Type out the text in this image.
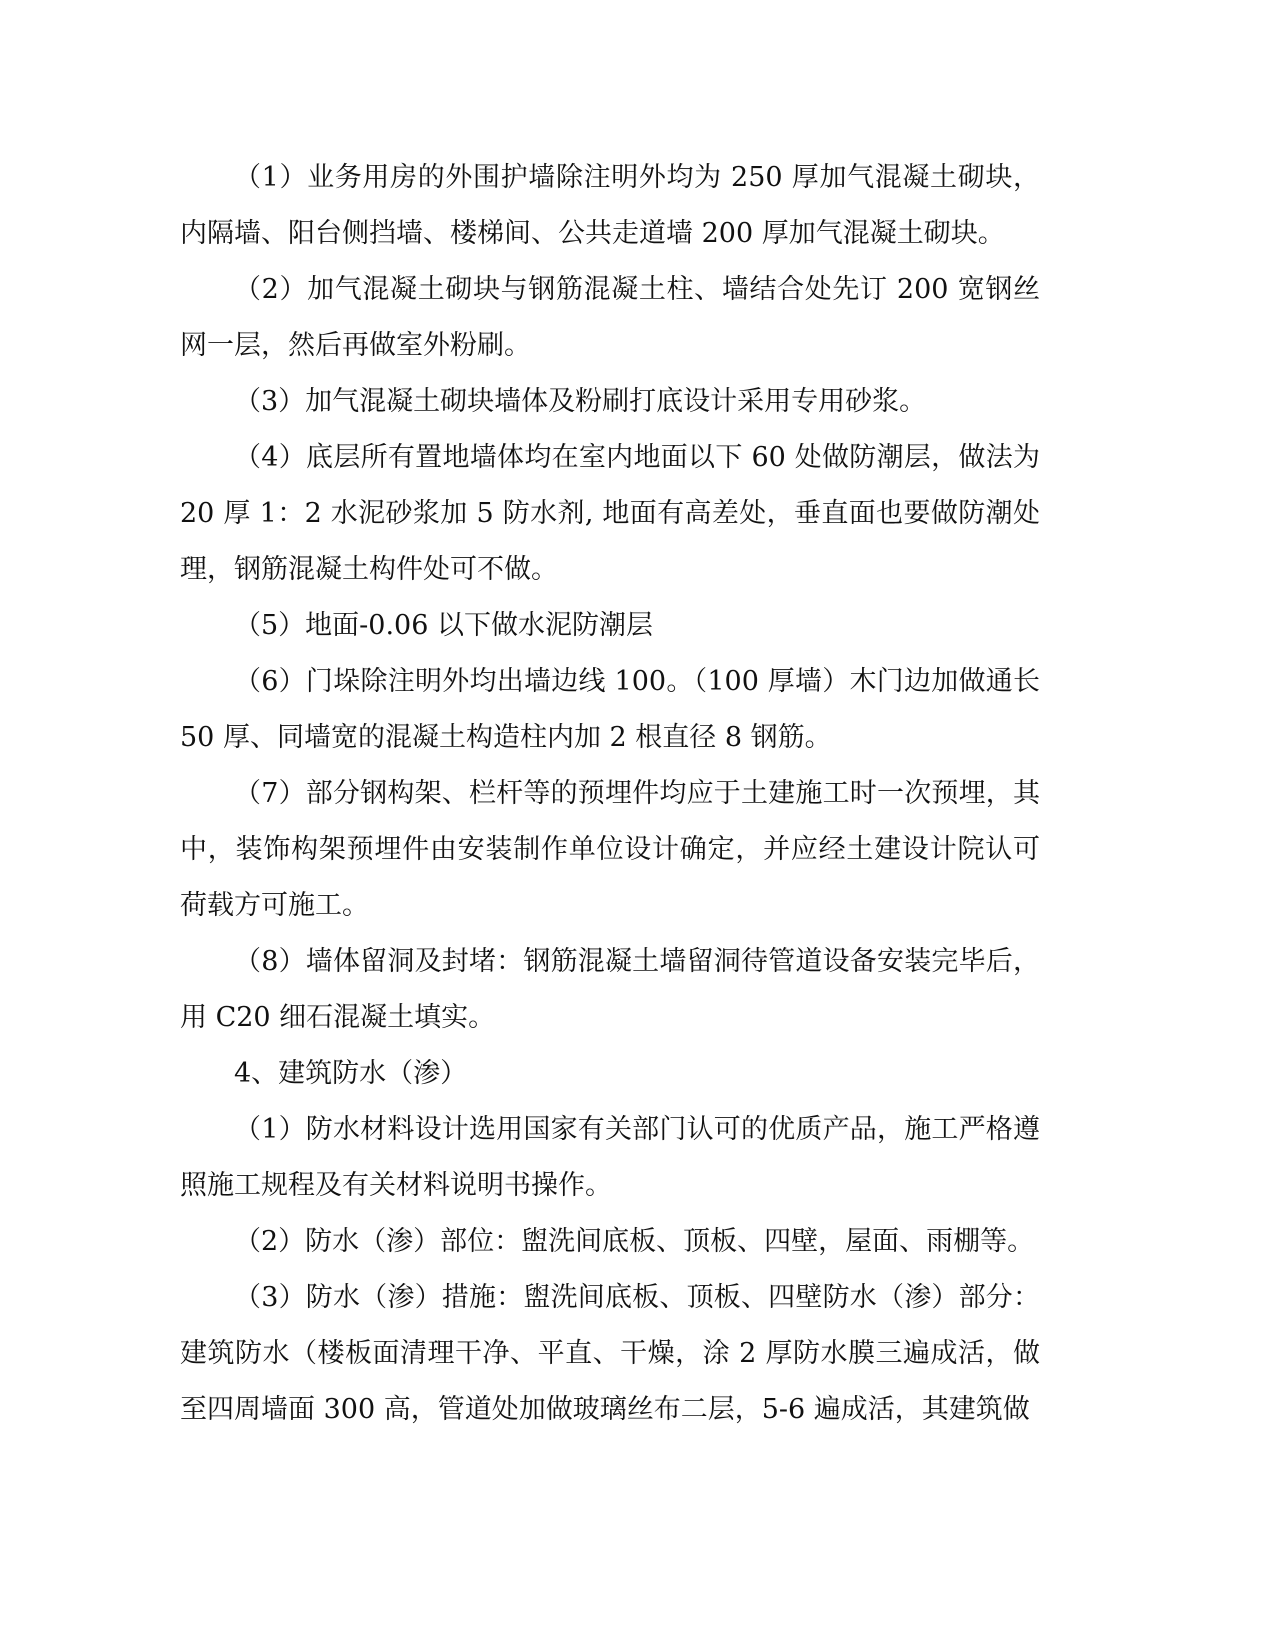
（1）业务用房的外围护墙除注明外均为 250 厚加气混凝土砌块，内隔墙、阳台侧挡墙、楼梯间、公共走道墙 200 厚加气混凝土砌块。

（2）加气混凝土砌块与钢筋混凝土柱、墙结合处先订 200 宽钢丝网一层，然后再做室外粉刷。

（3）加气混凝土砌块墙体及粉刷打底设计采用专用砂浆。

（4）底层所有置地墙体均在室内地面以下 60 处做防潮层，做法为 20 厚 1：2 水泥砂浆加 5 防水剂, 地面有高差处，垂直面也要做防潮处理，钢筋混凝土构件处可不做。

（5）地面-0.06 以下做水泥防潮层

（6）门垛除注明外均出墙边线 100。（100 厚墙）木门边加做通长 50 厚、同墙宽的混凝土构造柱内加 2 根直径 8 钢筋。

（7）部分钢构架、栏杆等的预埋件均应于土建施工时一次预埋，其中，装饰构架预埋件由安装制作单位设计确定，并应经土建设计院认可荷载方可施工。

（8）墙体留洞及封堵：钢筋混凝土墙留洞待管道设备安装完毕后，用 C20 细石混凝土填实。

4、建筑防水（渗）

（1）防水材料设计选用国家有关部门认可的优质产品，施工严格遵照施工规程及有关材料说明书操作。

（2）防水（渗）部位：盥洗间底板、顶板、四壁，屋面、雨棚等。

（3）防水（渗）措施：盥洗间底板、顶板、四壁防水（渗）部分：建筑防水（楼板面清理干净、平直、干燥，涂 2 厚防水膜三遍成活，做至四周墙面 300 高，管道处加做玻璃丝布二层，5-6 遍成活，其建筑做
